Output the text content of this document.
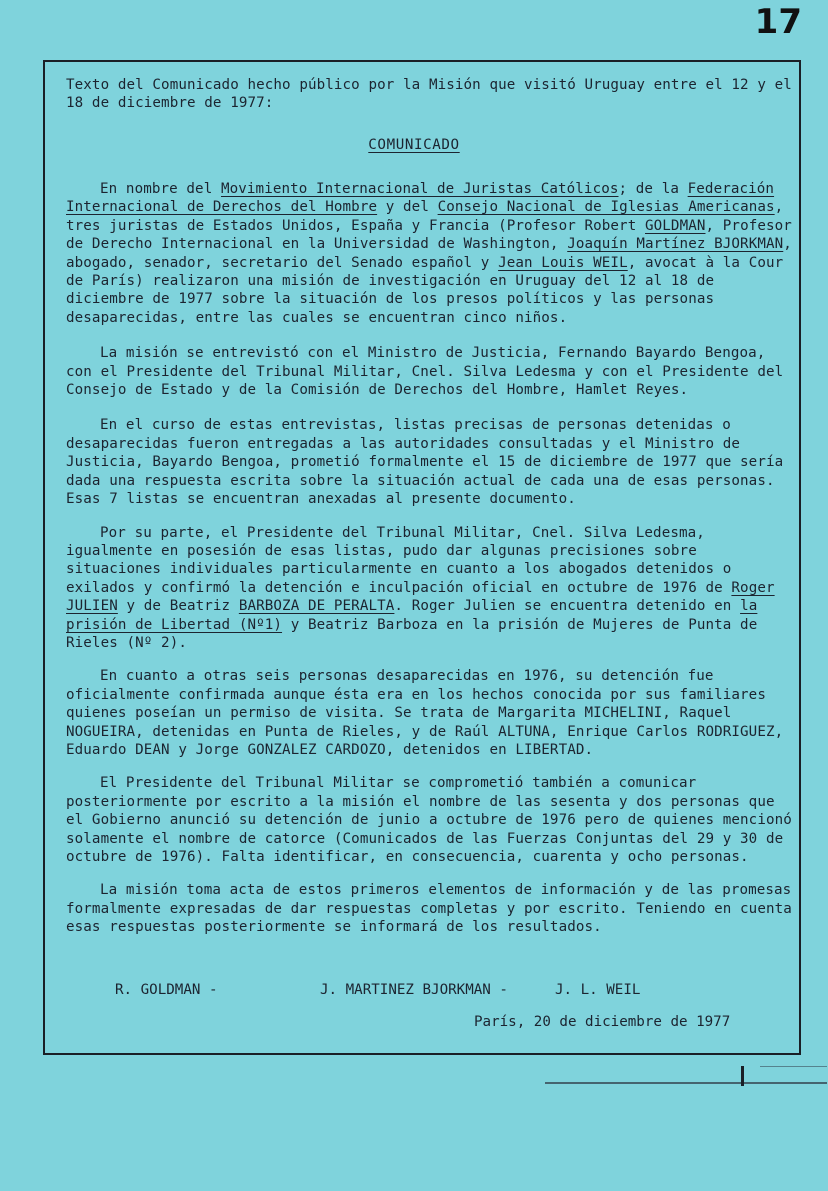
17

Texto del Comunicado hecho público por la Misión que visitó Uruguay entre el 12 y el 18 de diciembre de 1977:

COMUNICADO

En nombre del Movimiento Internacional de Juristas Católicos; de la Federación Internacional de Derechos del Hombre y del Consejo Nacional de Iglesias Americanas, tres juristas de Estados Unidos, España y Francia (Profesor Robert GOLDMAN, Profesor de Derecho Internacional en la Universidad de Washington, Joaquín Martínez BJORKMAN, abogado, senador, secretario del Senado español y Jean Louis WEIL, avocat à la Cour de París) realizaron una misión de investigación en Uruguay del 12 al 18 de diciembre de 1977 sobre la situación de los presos políticos y las personas desaparecidas, entre las cuales se encuentran cinco niños.

La misión se entrevistó con el Ministro de Justicia, Fernando Bayardo Bengoa, con el Presidente del Tribunal Militar, Cnel. Silva Ledesma y con el Presidente del Consejo de Estado y de la Comisión de Derechos del Hombre, Hamlet Reyes.

En el curso de estas entrevistas, listas precisas de personas detenidas o desaparecidas fueron entregadas a las autoridades consultadas y el Ministro de Justicia, Bayardo Bengoa, prometió formalmente el 15 de diciembre de 1977 que sería dada una respuesta escrita sobre la situación actual de cada una de esas personas. Esas 7 listas se encuentran anexadas al presente documento.

Por su parte, el Presidente del Tribunal Militar, Cnel. Silva Ledesma, igualmente en posesión de esas listas, pudo dar algunas precisiones sobre situaciones individuales particularmente en cuanto a los abogados detenidos o exilados y confirmó la detención e inculpación oficial en octubre de 1976 de Roger JULIEN y de Beatriz BARBOZA DE PERALTA. Roger Julien se encuentra detenido en la prisión de Libertad (Nº1) y Beatriz Barboza en la prisión de Mujeres de Punta de Rieles (Nº 2).

En cuanto a otras seis personas desaparecidas en 1976, su detención fue oficialmente confirmada aunque ésta era en los hechos conocida por sus familiares quienes poseían un permiso de visita. Se trata de Margarita MICHELINI, Raquel NOGUEIRA, detenidas en Punta de Rieles, y de Raúl ALTUNA, Enrique Carlos RODRIGUEZ, Eduardo DEAN y Jorge GONZALEZ CARDOZO, detenidos en LIBERTAD.

El Presidente del Tribunal Militar se comprometió también a comunicar posteriormente por escrito a la misión el nombre de las sesenta y dos personas que el Gobierno anunció su detención de junio a octubre de 1976 pero de quienes mencionó solamente el nombre de catorce (Comunicados de las Fuerzas Conjuntas del 29 y 30 de octubre de 1976). Falta identificar, en consecuencia, cuarenta y ocho personas.

La misión toma acta de estos primeros elementos de información y de las promesas formalmente expresadas de dar respuestas completas y por escrito. Teniendo en cuenta esas respuestas posteriormente se informará de los resultados.

R. GOLDMAN -	J. MARTINEZ BJORKMAN -	J. L. WEIL
París, 20 de diciembre de 1977
